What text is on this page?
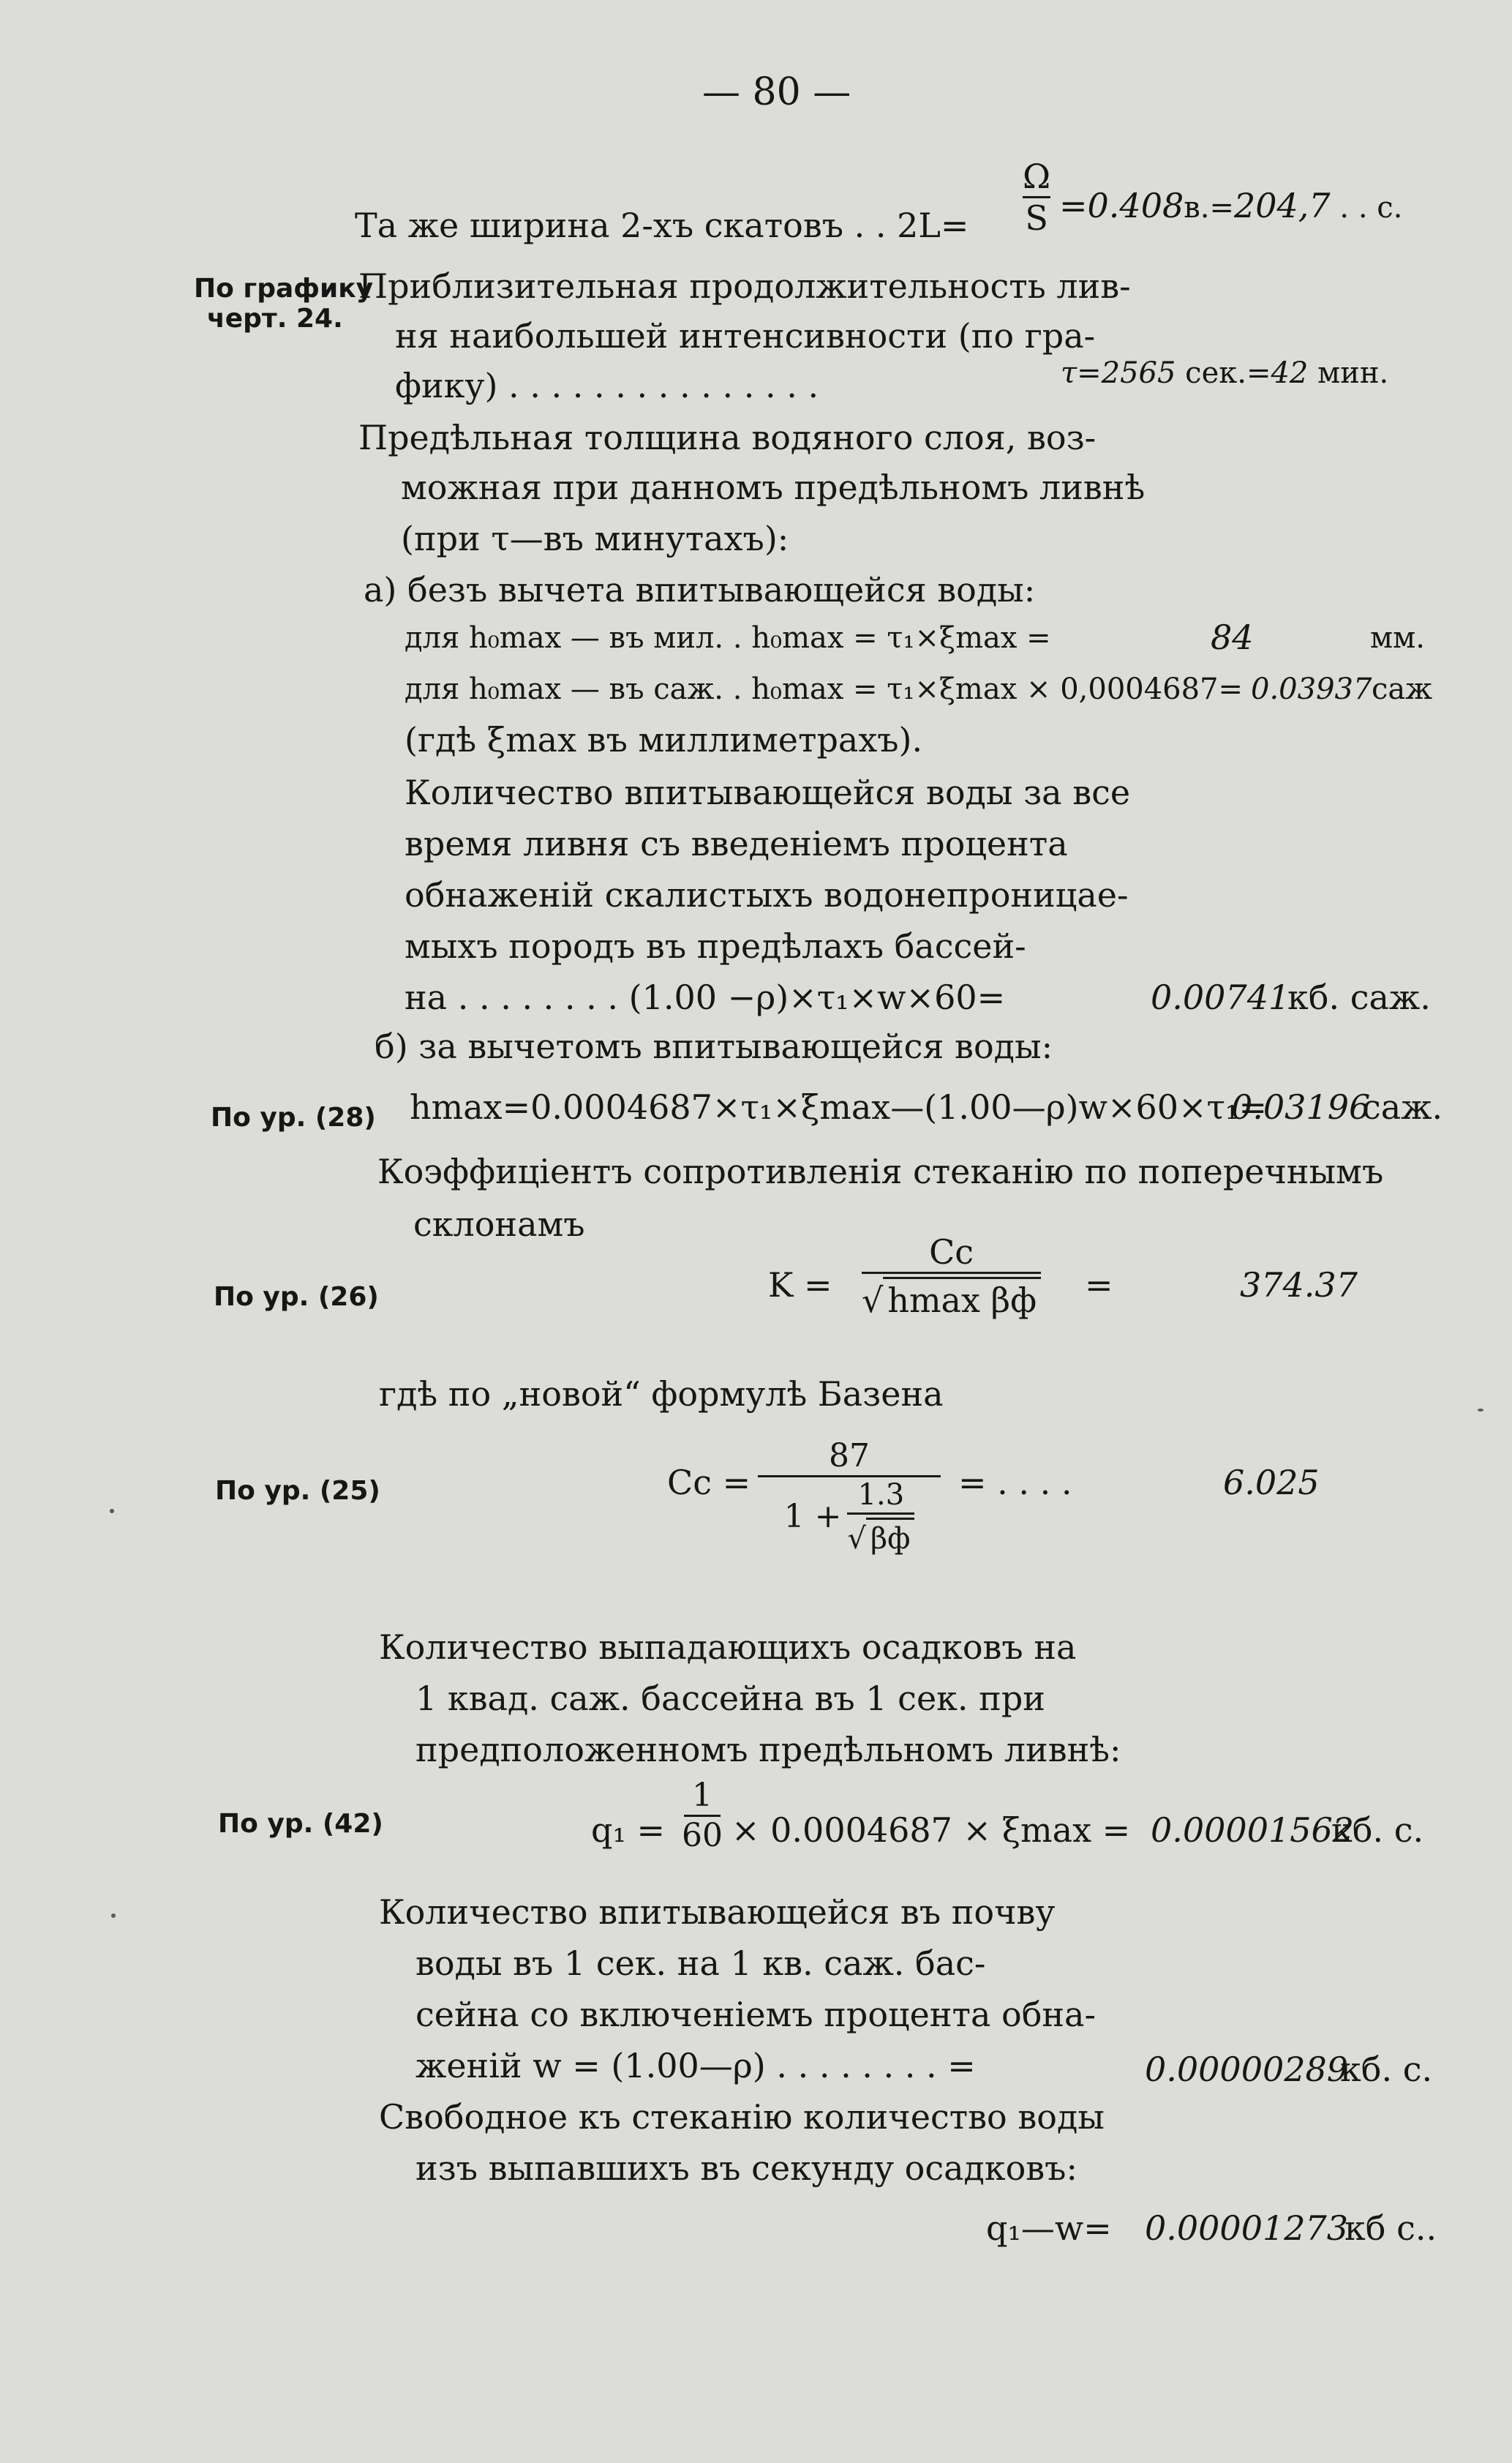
— 80 —
По графику
черт. 24.
По ур. (28)
По ур. (26)
По ур. (25)
По ур. (42)
Та же ширина 2-хъ скатовъ . . 2L=
Ω
S =0.408в.=204,7 . . с.
Приблизительная продолжительность лив-
ня наибольшей интенсивности (по гра-
фику) . . . . . . . . . . . . . . .	τ=2565 сек.=42 мин.
Предѣльная толщина водяного слоя, воз-
можная при данномъ предѣльномъ ливнѣ
(при τ—въ минутахъ):
а) безъ вычета впитывающейся воды:
для h₀max — въ мил. . h₀max = τ₁×ξmax =	84	мм.
для h₀max — въ саж. . h₀max = τ₁×ξmax × 0,0004687= 0.03937 саж
(гдѣ ξmax въ миллиметрахъ).
Количество впитывающейся воды за все
время ливня съ введеніемъ процента
обнаженій скалистыхъ водонепроницае-
мыхъ породъ въ предѣлахъ бассей-
на . . . . . . . . (1.00 −ρ)×τ₁×w×60=	0.00741
кб. саж.
б) за вычетомъ впитывающейся воды:
hmax=0.0004687×τ₁×ξmax—(1.00—ρ)w×60×τ₁=
0.03196
саж.
Коэффиціентъ сопротивленія стеканію по поперечнымъ
склонамъ
K =
Cc
√ hmax βф =	374.37
гдѣ по „новой“ формулѣ Базена
Cc =
87
$1 + \frac{1.3}{√ \beta ф}$ = . . . .	6.025
Количество выпадающихъ осадковъ на
1 квад. саж. бассейна въ 1 сек. при
предположенномъ предѣльномъ ливнѣ:
q₁ =
1
60 × 0.0004687 × ξmax = 0.00001562
кб. с.
Количество впитывающейся въ почву
воды въ 1 сек. на 1 кв. саж. бас-
сейна со включеніемъ процента обна-
женій w = (1.00—ρ) . . . . . . . . =	0.00000289
кб. с.
Свободное къ стеканію количество воды
изъ выпавшихъ въ секунду осадковъ:
q₁—w= 0.00001273
кб с..
